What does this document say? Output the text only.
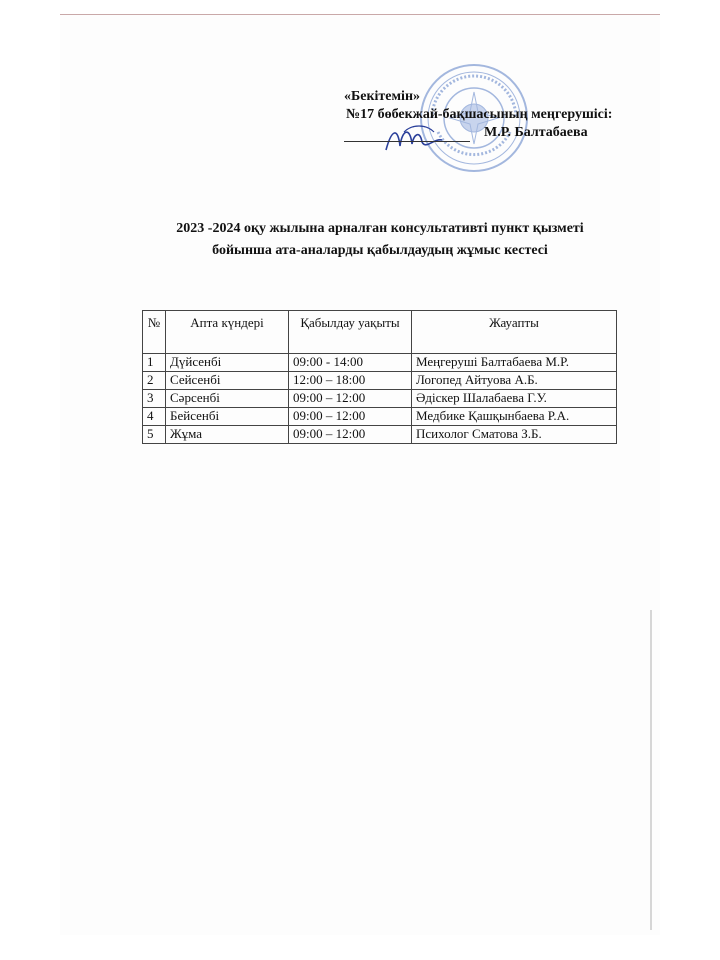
«Бекітемін»
№17 бөбекжай-бақшасының меңгерушісі:
М.Р. Балтабаева
2023 -2024 оқу жылына арналған консультативті пункт қызметі
бойынша ата-аналарды қабылдаудың жұмыс кестесі
№	Апта күндері	Қабылдау уақыты	Жауапты
1	Дүйсенбі	09:00 - 14:00	Меңгеруші Балтабаева М.Р.
2	Сейсенбі	12:00 – 18:00	Логопед Айтуова А.Б.
3	Сәрсенбі	09:00 – 12:00	Әдіскер Шалабаева Г.У.
4	Бейсенбі	09:00 – 12:00	Медбике Қашқынбаева Р.А.
5	Жұма	09:00 – 12:00	Психолог Сматова З.Б.
